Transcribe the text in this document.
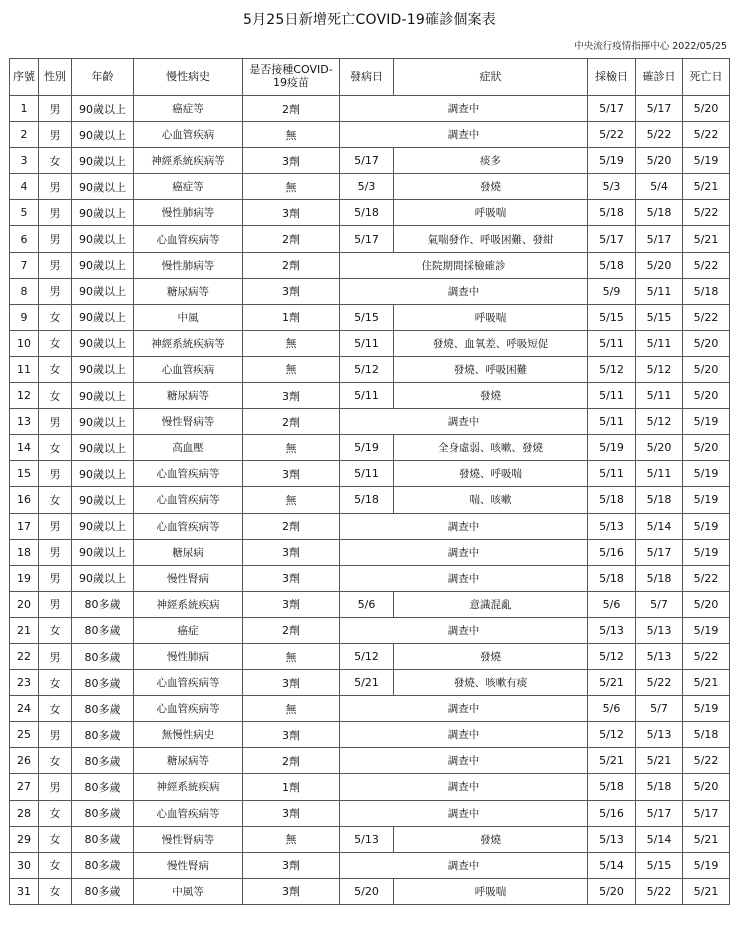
5月25日新增死亡COVID-19確診個案表
中央流行疫情指揮中心 2022/05/25
序號	性別	年齡	慢性病史	是否接種COVID-19疫苗	發病日	症狀	採檢日	確診日	死亡日
1	男	90歲以上	癌症等	2劑	調查中		5/17	5/17	5/20
2	男	90歲以上	心血管疾病	無	調查中		5/22	5/22	5/22
3	女	90歲以上	神經系統疾病等	3劑	5/17	痰多	5/19	5/20	5/19
4	男	90歲以上	癌症等	無	5/3	發燒	5/3	5/4	5/21
5	男	90歲以上	慢性肺病等	3劑	5/18	呼吸喘	5/18	5/18	5/22
6	男	90歲以上	心血管疾病等	2劑	5/17	氣喘發作、呼吸困難、發紺	5/17	5/17	5/21
7	男	90歲以上	慢性肺病等	2劑	住院期間採檢確診		5/18	5/20	5/22
8	男	90歲以上	糖尿病等	3劑	調查中		5/9	5/11	5/18
9	女	90歲以上	中風	1劑	5/15	呼吸喘	5/15	5/15	5/22
10	女	90歲以上	神經系統疾病等	無	5/11	發燒、血氧差、呼吸短促	5/11	5/11	5/20
11	女	90歲以上	心血管疾病	無	5/12	發燒、呼吸困難	5/12	5/12	5/20
12	女	90歲以上	糖尿病等	3劑	5/11	發燒	5/11	5/11	5/20
13	男	90歲以上	慢性腎病等	2劑	調查中		5/11	5/12	5/19
14	女	90歲以上	高血壓	無	5/19	全身虛弱、咳嗽、發燒	5/19	5/20	5/20
15	男	90歲以上	心血管疾病等	3劑	5/11	發燒、呼吸喘	5/11	5/11	5/19
16	女	90歲以上	心血管疾病等	無	5/18	喘、咳嗽	5/18	5/18	5/19
17	男	90歲以上	心血管疾病等	2劑	調查中		5/13	5/14	5/19
18	男	90歲以上	糖尿病	3劑	調查中		5/16	5/17	5/19
19	男	90歲以上	慢性腎病	3劑	調查中		5/18	5/18	5/22
20	男	80多歲	神經系統疾病	3劑	5/6	意識混亂	5/6	5/7	5/20
21	女	80多歲	癌症	2劑	調查中		5/13	5/13	5/19
22	男	80多歲	慢性肺病	無	5/12	發燒	5/12	5/13	5/22
23	女	80多歲	心血管疾病等	3劑	5/21	發燒、咳嗽有痰	5/21	5/22	5/21
24	女	80多歲	心血管疾病等	無	調查中		5/6	5/7	5/19
25	男	80多歲	無慢性病史	3劑	調查中		5/12	5/13	5/18
26	女	80多歲	糖尿病等	2劑	調查中		5/21	5/21	5/22
27	男	80多歲	神經系統疾病	1劑	調查中		5/18	5/18	5/20
28	女	80多歲	心血管疾病等	3劑	調查中		5/16	5/17	5/17
29	女	80多歲	慢性腎病等	無	5/13	發燒	5/13	5/14	5/21
30	女	80多歲	慢性腎病	3劑	調查中		5/14	5/15	5/19
31	女	80多歲	中風等	3劑	5/20	呼吸喘	5/20	5/22	5/21
